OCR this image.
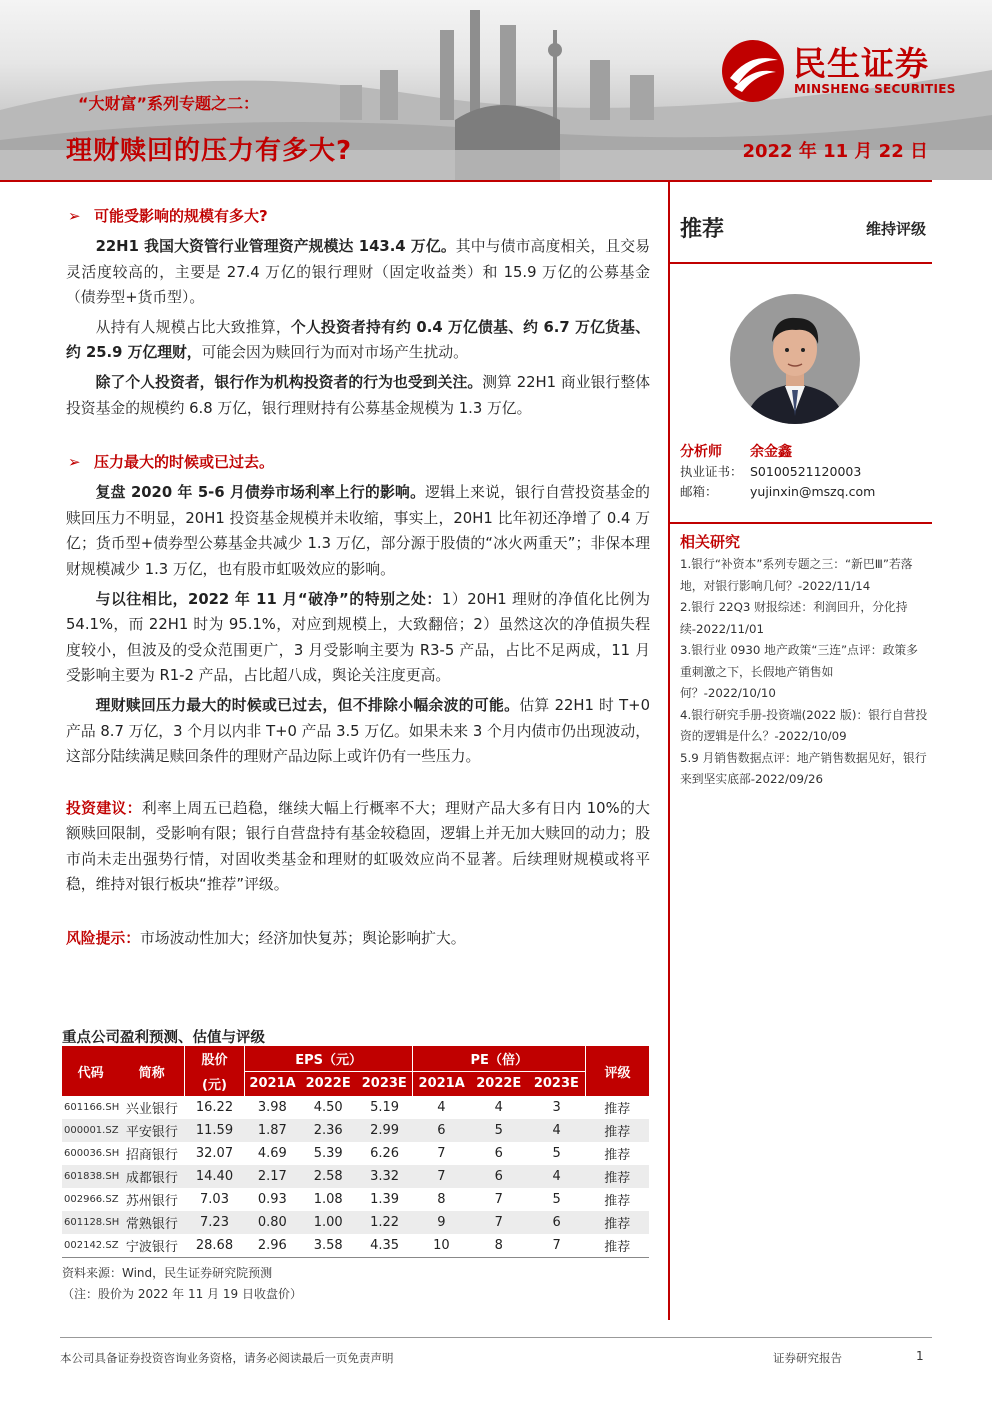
“大财富”系列专题之二：
理财赎回的压力有多大?	2022 年 11 月 22 日
民生证券
MINSHENG SECURITIES
➢ 可能受影响的规模有多大?

22H1 我国大资管行业管理资产规模达 143.4 万亿。其中与债市高度相关，且交易灵活度较高的，主要是 27.4 万亿的银行理财（固定收益类）和 15.9 万亿的公募基金（债券型+货币型）。

从持有人规模占比大致推算，个人投资者持有约 0.4 万亿债基、约 6.7 万亿货基、约 25.9 万亿理财，可能会因为赎回行为而对市场产生扰动。

除了个人投资者，银行作为机构投资者的行为也受到关注。测算 22H1 商业银行整体投资基金的规模约 6.8 万亿，银行理财持有公募基金规模为 1.3 万亿。

➢ 压力最大的时候或已过去。

复盘 2020 年 5-6 月债券市场利率上行的影响。逻辑上来说，银行自营投资基金的赎回压力不明显，20H1 投资基金规模并未收缩，事实上，20H1 比年初还净增了 0.4 万亿；货币型+债券型公募基金共减少 1.3 万亿，部分源于股债的“冰火两重天”；非保本理财规模减少 1.3 万亿，也有股市虹吸效应的影响。

与以往相比，2022 年 11 月“破净”的特别之处：1）20H1 理财的净值化比例为 54.1%，而 22H1 时为 95.1%，对应到规模上，大致翻倍；2）虽然这次的净值损失程度较小，但波及的受众范围更广，3 月受影响主要为 R3-5 产品，占比不足两成，11 月受影响主要为 R1-2 产品，占比超八成，舆论关注度更高。

理财赎回压力最大的时候或已过去，但不排除小幅余波的可能。估算 22H1 时 T+0 产品 8.7 万亿，3 个月以内非 T+0 产品 3.5 万亿。如果未来 3 个月内债市仍出现波动，这部分陆续满足赎回条件的理财产品边际上或许仍有一些压力。

投资建议：利率上周五已趋稳，继续大幅上行概率不大；理财产品大多有日内 10%的大额赎回限制，受影响有限；银行自营盘持有基金较稳固，逻辑上并无加大赎回的动力；股市尚未走出强势行情，对固收类基金和理财的虹吸效应尚不显著。后续理财规模或将平稳，维持对银行板块“推荐”评级。

风险提示：市场波动性加大；经济加快复苏；舆论影响扩大。

推荐	维持评级
分析师	余金鑫
执业证书： S0100521120003
邮箱：	yujinxin@mszq.com
相关研究
1.银行“补资本”系列专题之三：“新巴Ⅲ”若落地，对银行影响几何？-2022/11/14
2.银行 22Q3 财报综述：利润回升，分化持续-2022/11/01
3.银行业 0930 地产政策“三连”点评：政策多重刺激之下，长假地产销售如何？-2022/10/10
4.银行研究手册-投资端(2022 版)：银行自营投资的逻辑是什么？-2022/10/09
5.9 月销售数据点评：地产销售数据见好，银行来到坚实底部-2022/09/26
重点公司盈利预测、估值与评级
代码	简称	股价	EPS（元）			PE（倍）			评级
		(元)	2021A	2022E	2023E	2021A	2022E	2023E	
601166.SH	兴业银行	16.22	3.98	4.50	5.19	4	4	3	推荐
000001.SZ	平安银行	11.59	1.87	2.36	2.99	6	5	4	推荐
600036.SH	招商银行	32.07	4.69	5.39	6.26	7	6	5	推荐
601838.SH	成都银行	14.40	2.17	2.58	3.32	7	6	4	推荐
002966.SZ	苏州银行	7.03	0.93	1.08	1.39	8	7	5	推荐
601128.SH	常熟银行	7.23	0.80	1.00	1.22	9	7	6	推荐
002142.SZ	宁波银行	28.68	2.96	3.58	4.35	10	8	7	推荐
资料来源：Wind，民生证券研究院预测
（注：股价为 2022 年 11 月 19 日收盘价）
本公司具备证券投资咨询业务资格，请务必阅读最后一页免责声明	证券研究报告	1
